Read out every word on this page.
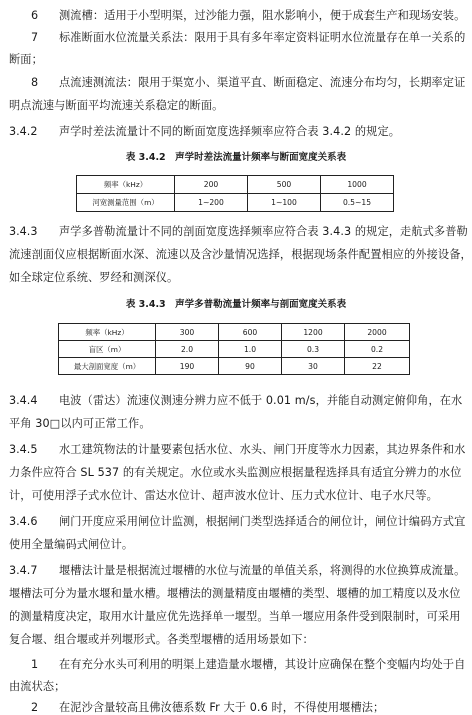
6 测流槽：适用于小型明渠，过沙能力强，阻水影响小，便于成套生产和现场安装。
7 标准断面水位流量关系法：限用于具有多年率定资料证明水位流量存在单一关系的
断面；
8 点流速测流法：限用于渠宽小、渠道平直、断面稳定、流速分布均匀，长期率定证
明点流速与断面平均流速关系稳定的断面。
3.4.2 声学时差法流量计不同的断面宽度选择频率应符合表 3.4.2 的规定。
表 3.4.2　声学时差法流量计频率与断面宽度关系表
频率（kHz）	200	500	1000
河宽测量范围（m）	1~200	1~100	0.5~15
3.4.3 声学多普勒流量计不同的剖面宽度选择频率应符合表 3.4.3 的规定，走航式多普勒
流速剖面仪应根据断面水深、流速以及含沙量情况选择，根据现场条件配置相应的外接设备，
如全球定位系统、罗经和测深仪。
表 3.4.3　声学多普勒流量计频率与剖面宽度关系表
频率（kHz）	300	600	1200	2000
盲区（m）	2.0	1.0	0.3	0.2
最大剖面宽度（m）	190	90	30	22
3.4.4 电波（雷达）流速仪测速分辨力应不低于 0.01 m/s，并能自动测定俯仰角，在水
平角 30□以内可正常工作。
3.4.5 水工建筑物法的计量要素包括水位、水头、闸门开度等水力因素，其边界条件和水
力条件应符合 SL 537 的有关规定。水位或水头监测应根据量程选择具有适宜分辨力的水位
计，可使用浮子式水位计、雷达水位计、超声波水位计、压力式水位计、电子水尺等。
3.4.6 闸门开度应采用闸位计监测，根据闸门类型选择适合的闸位计，闸位计编码方式宜
使用全量编码式闸位计。
3.4.7 堰槽法计量是根据流过堰槽的水位与流量的单值关系，将测得的水位换算成流量。
堰槽法可分为量水堰和量水槽。堰槽法的测量精度由堰槽的类型、堰槽的加工精度以及水位
的测量精度决定，取用水计量应优先选择单一堰型。当单一堰应用条件受到限制时，可采用
复合堰、组合堰或并列堰形式。各类型堰槽的适用场景如下：
1 在有充分水头可利用的明渠上建造量水堰槽，其设计应确保在整个变幅内均处于自
由流状态；
2 在泥沙含量较高且佛汝德系数 Fr 大于 0.6 时，不得使用堰槽法；
